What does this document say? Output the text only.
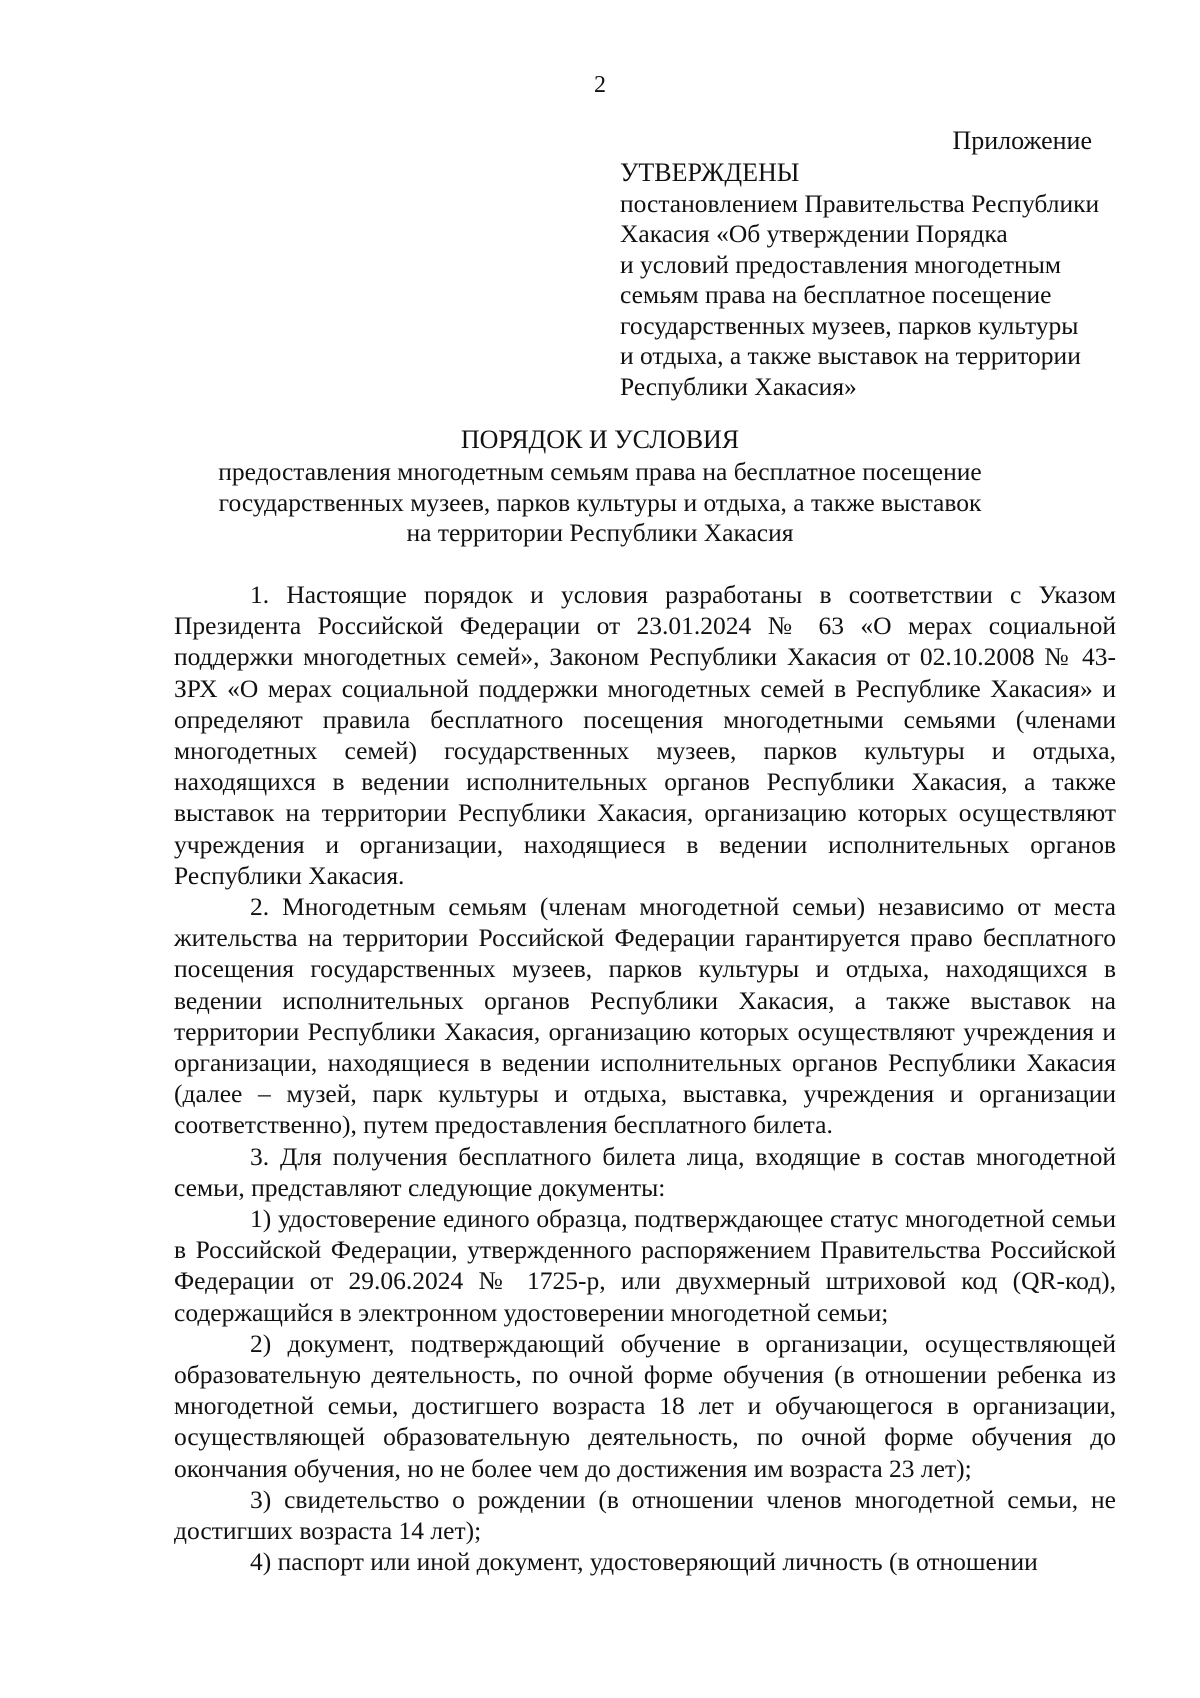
2
Приложение
УТВЕРЖДЕНЫ
постановлением Правительства Республики
Хакасия «Об утверждении Порядка
и условий предоставления многодетным
семьям права на бесплатное посещение
государственных музеев, парков культуры
и отдыха, а также выставок на территории
Республики Хакасия»
ПОРЯДОК И УСЛОВИЯ
предоставления многодетным семьям права на бесплатное посещение
государственных музеев, парков культуры и отдыха, а также выставок
на территории Республики Хакасия

1. Настоящие порядок и условия разработаны в соответствии с Указом Президента Российской Федерации от 23.01.2024 № 63 «О мерах социальной поддержки многодетных семей», Законом Республики Хакасия от 02.10.2008 № 43-ЗРХ «О мерах социальной поддержки многодетных семей в Республике Хакасия» и определяют правила бесплатного посещения многодетными семьями (членами многодетных семей) государственных музеев, парков культуры и отдыха, находящихся в ведении исполнительных органов Республики Хакасия, а также выставок на территории Республики Хакасия, организацию которых осуществляют учреждения и организации, находящиеся в ведении исполнительных органов Республики Хакасия.

2. Многодетным семьям (членам многодетной семьи) независимо от места жительства на территории Российской Федерации гарантируется право бесплатного посещения государственных музеев, парков культуры и отдыха, находящихся в ведении исполнительных органов Республики Хакасия, а также выставок на территории Республики Хакасия, организацию которых осуществляют учреждения и организации, находящиеся в ведении исполнительных органов Республики Хакасия (далее – музей, парк культуры и отдыха, выставка, учреждения и организации соответственно), путем предоставления бесплатного билета.

3. Для получения бесплатного билета лица, входящие в состав многодетной семьи, представляют следующие документы:

1) удостоверение единого образца, подтверждающее статус многодетной семьи в Российской Федерации, утвержденного распоряжением Правительства Российской Федерации от 29.06.2024 № 1725-р, или двухмерный штриховой код (QR-код), содержащийся в электронном удостоверении многодетной семьи;

2) документ, подтверждающий обучение в организации, осуществляющей образовательную деятельность, по очной форме обучения (в отношении ребенка из многодетной семьи, достигшего возраста 18 лет и обучающегося в организации, осуществляющей образовательную деятельность, по очной форме обучения до окончания обучения, но не более чем до достижения им возраста 23 лет);

3) свидетельство о рождении (в отношении членов многодетной семьи, не достигших возраста 14 лет);

4) паспорт или иной документ, удостоверяющий личность (в отношении
